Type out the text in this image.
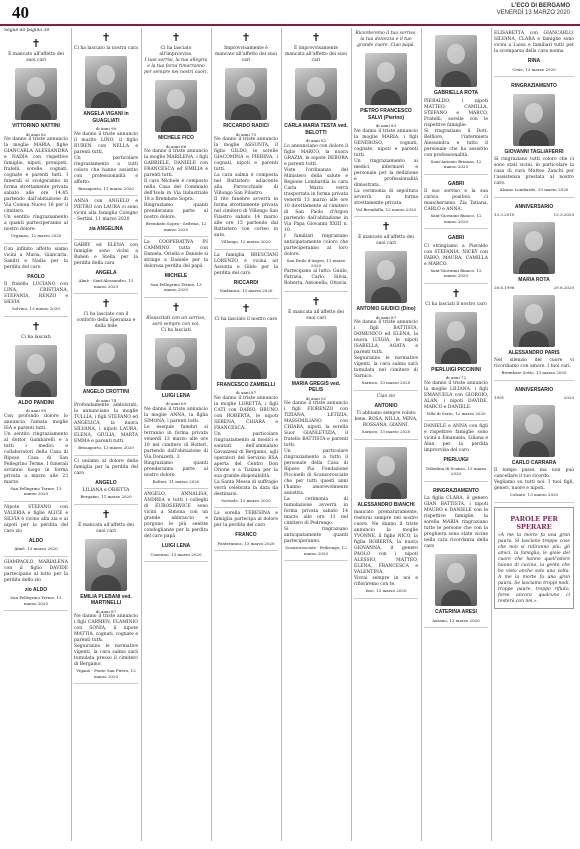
40	L'ECO DI BERGAMO
VENERDÌ 13 MARZO 2020
Segue da pagina 38
✝
È mancato all'affetto dei suoi cari
VITTORINO NATTINI
di anni 82
Ne danno il triste annuncio la moglie MARIA, figlie GIANCARLA ALESSANDRA e NADIA con rispettive famiglie, nipoti, pronipoti, fratelli, sorelle, cognati, cognate e parenti tutti. I funerali si svolgeranno in forma strettamente privata sabato alle ore 14,45 partendo dall'abitazione di Via Comun Nuovo 16 per il cimitero.
Un sentito ringraziamento a quanti parteciperanno al nostro dolore.
Urgnano, 12 marzo 2020
Con infinito affetto siamo vicini a Maria, Giancarla, Sandri e Nadia per la perdita del caro
PAOLO
Il fratello LUCIANO con LINA, CRISTIANA, STEFANIA, RENZO e SILVIA
Solvino, 13 marzo 2020
✝
Ci ha lasciati
ALDO PANDINI
di anni 90
Con profondo dolore lo annuncia l'amata moglie ISA e parenti tutti.
Un sentito ringraziamento al dottor Gambarelli e a tutti i medici e collaboratori della Casa di Riposo Casa di San Pellegrino Terme. I funerali avranno luogo in forma privata a marzo alle 23 marzo.
San Pellegrino Terme, 13 marzo 2020
Nipote STEFANO con VALERIA e figlie ALICE e SILVIA è vicino alla zia e ai nipoti per la perdita del caro zio
ALDO
Almè, 13 marzo 2020
GIAMPAOLO, MARIALENA con il figlio DAVIDE partecipano al lutto per la perdita dello zio
zio ALDO
San Pellegrino Terme, 13 marzo 2020
✝
Ci ha lasciato la nostra cara
ANGELA VIGANI in GUAGLIATI
di anni 90
Ne danno il triste annuncio il marito LINO, il figlio RUBEN con NELLA e parenti tutti.
Un particolare ringraziamento a tutti coloro che hanno assistito con professionalità e affetto.
Brusaporto, 11 marzo 2020
ANNA con ANGELO e PIETRO con LAURA ci sono vicini alla famiglia Cologno - Sertini, 11 marzo 2020
zia ANGELINA
GABRY ed ELENA con famiglie sono vicini a Ruben e Stella per la perdita della cara
ANGELA
Almè - Sant'Alessandro, 13 marzo 2020
✝
Ci ha lasciato con il conforto della Speranza e della fede
ANGELO CROTTINI
di anni 74
Profondamente addolorati, lo annunciano la moglie TULLIA, i figli STEFANO ed ANGELICA, la nuora SILVANA, i nipoti LAURA, ELENA, GIULIA, MARTA EMMA e parenti tutti.
Brusaporto, 13 marzo 2020
Ci uniamo al dolore della famiglia per la perdita del caro
ANGELO
LILIANA e ORIETTA
Bergamo, 11 marzo 2020
✝
È mancata all'affetto dei suoi cari
EMILIA PLEBANI ved. MARTINELLI
di anni 87
Ne danno il triste annuncio i figli CARMEN, FLAMINIO con SONIA, il nipote MATTIA, cognati, cognate e parenti tutti.
Seguiranno le normative vigenti, la cara salma sarà tumulata presso il cimitero di Bergamo.
Viganò - Ponte San Pietro, 12 marzo 2020
✝
Ci ha lasciato all'improvviso.
I tuoi sorrisi, la tua allegria e la tua forza rimarranno per sempre nei nostri cuori.
MICHELE FICO
di anni 66
Ne danno il triste annuncio la moglie MARILENA, i figli GABRIELE, DANIELE con FRANCESCA ed EMILIA e parenti tutti.
Il caro Michele è composto nella Casa del Commiato dell'Isola in Via Industriale 18 a Brembate Sopra.
Ringraziamo quanti prenderanno parte al nostro dolore.
Brembate Sopra - Sedrina, 12 marzo 2020
La COOPERATIVA IN CAMMINO tutta con Daniela, Oriella e Daniele si stringe a Daniele per la dolorosa perdita del papà
MICHELE
San Pellegrino Terme, 13 marzo 2020
✝
Risuscitati con un sorriso, sarò sempre con voi.
Ci ha lasciati
LUIGI LENA
di anni 69
Ne danno il triste annuncio la moglie ANNA, la figlia SIMONA, i parenti tutti.
Le esequie funebri si terranno in forma privata venerdì 13 marzo alle ore 10 nel cimitero di Bolteri, partendo dall'abitazione di Via Donizetti, 3.
Ringraziamo quanti prenderanno parte al nostro dolore.
Bolteri, 11 marzo 2020
ANGELO, ANNALISA, ANDREA e tutti i colleghi di EUROSERVICE sono vicini a Simona con un grande abbraccio e porgono le più sentite condoglianze per la perdita del caro papà
LUIGI LENA
Ciserano, 13 marzo 2020
✝
Improvvisamente è mancato all'affetto dei suoi cari
RICCARDO RADICI
di anni 73
Ne danno il triste annuncio la moglie ASSUNTA, il figlio GILDO, le sorelle GIACOMINA e PIERINA, i cognati, nipoti e parenti tutti.
La cara salma è composta nel Battistero adiacente alla Parrocchiale di Villongo San Filastro.
Il rito funebre avverrà in forma strettamente privata nel cimitero di Villongo San Filastro sabato 14 marzo alle ore 15 partendo dal Battistero con corteo in auto.
Villongo, 12 marzo 2020
La famiglia BRESCIANI LORENZO è vicina ad Assunta e Gildo per la perdita del caro
RICCARDI
Viadanica, 13 marzo 2020
✝
Ci ha lasciato il nostro caro
FRANCESCO ZAMBELLI
di anni 87
Ne danno il triste annuncio la moglie LORETTA, i figli CATI con DARIO, BRUNO con ROBERTA, le nipoti SERENA, CHIARA e FRANCESCA.
Un particolare ringraziamento ai medici e sanitari dell'ammalato Gavazzeni di Bergamo, agli operatori del Servizio RSA aperta del Centro Don Orione e a Tiziana per la sua grande disponibilità.
La Santa Messa di suffragio verrà celebrata in data da destinarsi.
Sorisole, 12 marzo 2020
La sorella TERESINA e famiglia partecipa al dolore per la perdita del caro
FRANCO
Ponteranica, 13 marzo 2020
✝
È improvvisamente mancata all'affetto dei suoi cari
CARLA MARIA TESTA ved. BELOTTI
di anni 82
Lo annunciano con dolore il figlio MARCO, la nuora GRAZIA, la nipote DEBORA e parenti tutti.
Viste l'ordinanza del Ministero della salute e Regione Lombardia la cara Carla Maria verrà trasportata in forma privata venerdì 13 marzo alle ore 10 direttamente al cimitero di San Paolo d'Argon partendo dall'abitazione in Via Papa Giovanni XXIII n. 10.
I familiari ringraziano anticipatamente coloro che parteciperanno al loro dolore.
San Paolo d'Argon, 11 marzo 2020
Partecipano al lutto: Guido, Patrizia, Carlo, Silvia, Roberta, Antonella, Ottavia
✝
È mancata all'affetto dei suoi cari
MARIA GREGIS ved. PELIS
di anni 92
Ne danno il triste annuncio i figli FIORENZO con TIZIANA, LETIZIA, MASSIMILIANO con CHIARA, nipoti, la sorella Suor GIANLETIZIA, il fratello BATTISTA e parenti tutti.
Un particolare ringraziamento a tutto il personale della Casa di Riposo Pia Fondazione Piccinelli di Scanzorosciate che per tutti questi anni l'hanno amorevolmente assistita.
La cerimonia di tumulazione avverrà in forma privata sabato 14 marzo alle ore 11 nel cimitero di Pedrengo.
Si ringraziano anticipatamente quanti parteciperanno.
Scanzorosciate - Pedrengo, 12 marzo 2020
Ricorderemo il tuo sorriso, la tua dolcezza e il tuo grande cuore. Ciao papà.
PIETRO FRANCESCO SALVI (Pierino)
di anni 83
Ne danno il triste annuncio la moglie MARIA, i figli GENEROSO, cognati, cognate, nipoti e parenti tutti.
Un ringraziamento ai medici, infermieri e personale per la dedizione e professionalità dimostrata.
La cerimonia di sepoltura avverrà in forma strettamente privata.
Val Brembilla, 12 marzo 2020
✝
È mancato all'affetto dei suoi cari
ANTONIO GIUDICI (Dino)
di anni 87
Ne danno il triste annuncio i figli BATTISTA, DOMENICO ed ELENA, la nuora LUIGIA, le nipoti ISABELLA, AGATA e parenti tutti.
Seguiranno le normative vigenti, la cara salma sarà tumulata nel cimitero di Sarnico.
Sarnico, 13 marzo 2020
Ciao zio
ANTONIO
Ti abbiamo sempre voluto bene. ROSA, NILLA, MINA, ROSSANA, GIANNI.
Sarnico, 13 marzo 2020
ALESSANDRO BIANCHI
mancato prematuramente, resterai sempre nel nostro cuore. Ne danno il triste annuncio la moglie YVONNE, il figlio NICO, la figlia ROBERTA, la nuora GIOVANNA, il genero PAOLO con i nipoti ALESSIO, MATTEO, ELENA, FRANCESCA e VALENTINA.
Vivrai sempre in noi e rifioriremo con te.
Isso, 13 marzo 2020
GABRIELLA ROTA
PIERALDO, i nipoti MATTEO, CAMILLA, STEFANO e MARCO, Fratelli, sorelle con le rispettive famiglie.
Si ringraziano il Dott. Belfiore, l'infermiera Alessandra e tutto il personale che ha assistito con professionalità.
Sant'Antonio Brianza, 12 marzo 2020
GABRI
Il suo sorriso e la sua carica positiva ci mancheranno. Zia Tatiana, CARLO e ANNA.
Sant'Giovanni Bianco, 12 marzo 2020
GABRI
Ci stringiamo a Pieraldo con STEFANIA, NICKY con FABIO, MAURA, CAMILLA e MARCO.
Sant'Giovanni Bianco, 12 marzo 2020
✝
Ci ha lasciati il nostro caro
PIERLUIGI PICCININI
di anni 72
Ne danno il triste annuncio la moglie LILIANA, i figli EMANUELA con GIORGIO, ALAN, i nipoti DAVIDE, MARCO e DANIELE.
Villa di Serio, 12 marzo 2020
DANIELE e ANNA con figli e rispettive famiglie sono vicini a Emanuela, Liliana e Alan per la perdita improvvisa del caro
PIERLUIGI
Tribulina di Scanzo, 13 marzo 2020
RINGRAZIAMENTO
La figlia CLARA, il genero GIAN BATTISTA, i nipoti MAURO e DANIELE con le rispettive famiglie, la sorella MARIA ringraziano tutte le persone che con la preghiera sono state vicine nella cara ricordanza della cara
CATERINA ARESI
Azzano, 13 marzo 2020
ELISABETTA con GIANCARLO, SILVANA, CLARA e famiglie sono vicini a Luisa e familiari tutti per la scomparsa della cara nonna
RINA
Cene, 13 marzo 2020
RINGRAZIAMENTO
GIOVANNI TAGLIAFERRI
Si ringraziano tutti coloro che ci sono stati vicini, in particolare la casa di cura Matteo Zanchi per l'assistenza prestata al nostro caro.
Alzano Lombardo, 13 marzo 2020
ANNIVERSARIO
13.3.2010	13.3.2020
MARIA ROTA
28.6.1996	29.8.2020
ALESSANDRO PARIS
Nel silenzio del cuore vi ricordiamo con amore. I tuoi cari.
Brembate Sotto, 13 marzo 2020
ANNIVERSARIO
1991	2020
CARLO CARRARA
Il tempo passa ma non può cancellare il tuo ricordo.
Vegliamo su tutti noi. I tuoi figli, generi, nuore e nipoti.
Colzate, 13 marzo 2020
PAROLE PER SPERARE
«A me la morte fa una gran paura. Si lasciano troppe cose che non si ridiranno più: gli amici, la famiglia, le gioie del cuore che hanno quell'odore buono di cucina, la gente che ho visto anche solo una volta. A me la morte fa una gran paura. Se lasciamo troppi nodi, troppe paure, troppo rifiuto, forse ancora qualcuno ci resterà con noi.»
